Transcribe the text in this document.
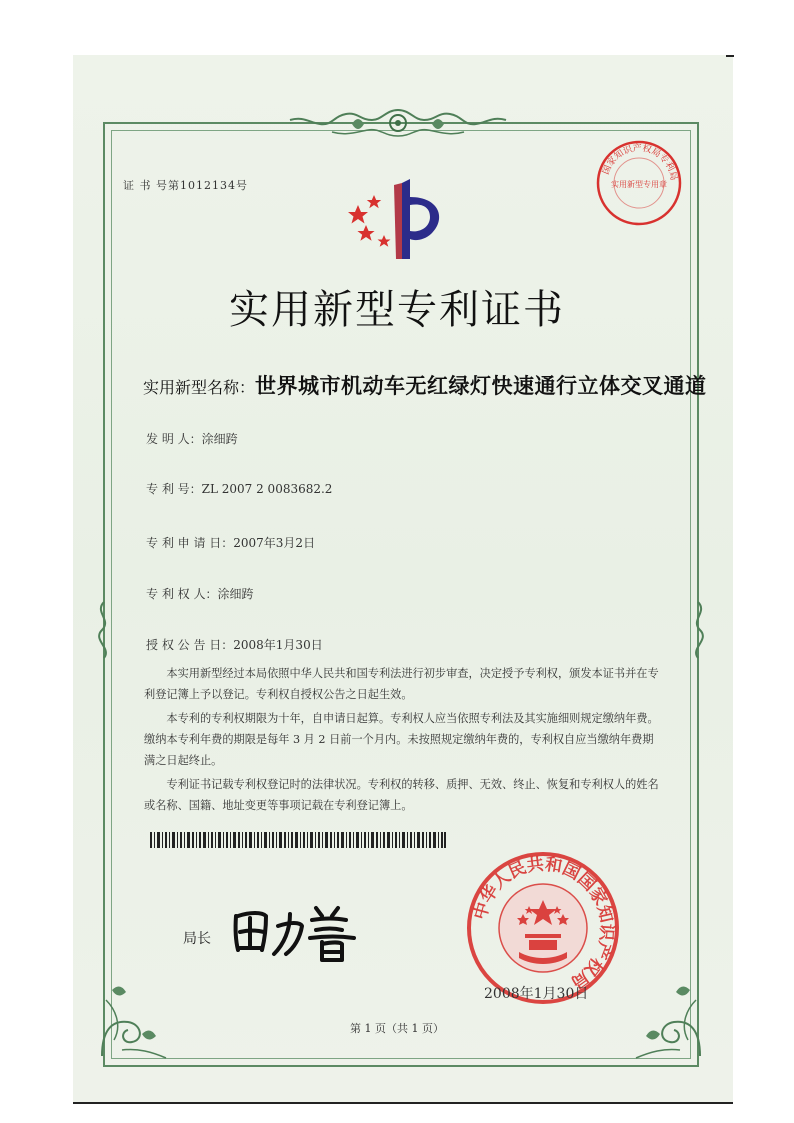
国家知识产权局专利局
实用新型专用章
证 书 号第1012134号
实用新型专利证书
实用新型名称：世界城市机动车无红绿灯快速通行立体交叉通道
发 明 人：涂细跨
专 利 号：ZL 2007 2 0083682.2
专 利 申 请 日：2007年3月2日
专 利 权 人：涂细跨
授 权 公 告 日：2008年1月30日

本实用新型经过本局依照中华人民共和国专利法进行初步审查，决定授予专利权，颁发本证书并在专利登记簿上予以登记。专利权自授权公告之日起生效。

本专利的专利权期限为十年，自申请日起算。专利权人应当依照专利法及其实施细则规定缴纳年费。缴纳本专利年费的期限是每年 3 月 2 日前一个月内。未按照规定缴纳年费的，专利权自应当缴纳年费期满之日起终止。

专利证书记载专利权登记时的法律状况。专利权的转移、质押、无效、终止、恢复和专利权人的姓名或名称、国籍、地址变更等事项记载在专利登记簿上。

局长
中华人民共和国国家知识产权局
2008年1月30日
第 1 页（共 1 页）
